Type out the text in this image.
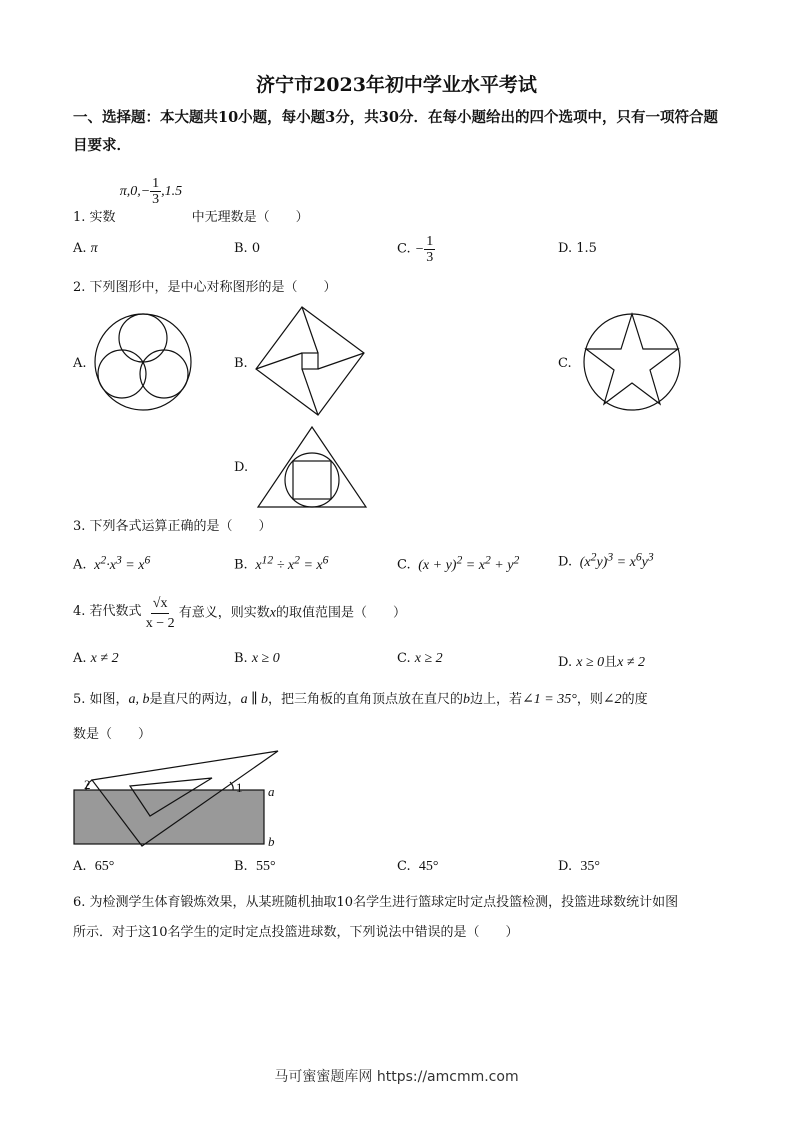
济宁市2023年初中学业水平考试
一、选择题：本大题共10小题，每小题3分，共30分．在每小题给出的四个选项中，只有一项符合题目要求．
1. 实数 $\pi,0,- \frac{1}{3} ,1.5$ 中无理数是（　　）
A. π	B. 0	C. − $\frac{1}{3}$	D. 1.5
2. 下列图形中，是中心对称图形的是（　　）
A.	B.	C.
D.
3. 下列各式运算正确的是（　　）
A.  $x^2\cdot x^3 = x^6$	B.  $x^{12} \div x^2 = x^6$	C.  $(x + y)^2 = x^2 + y^2$	D.  $(x^2y)^3 = x^6y^3$
4. 若代数式 $\frac{√x}{x - 2}$ 有意义，则实数x的取值范围是（　　）
A. x ≠ 2	B. x ≥ 0	C. x ≥ 2	D. x ≥ 0且x ≠ 2
5. 如图，a, b是直尺的两边，a ∥ b，把三角板的直角顶点放在直尺的b边上，若∠1 = 35°，则∠2的度
数是（　　）
2	1 a
b
A. 65°	B. 55°	C. 45°	D. 35°
6. 为检测学生体育锻炼效果，从某班随机抽取10名学生进行篮球定时定点投篮检测，投篮进球数统计如图
所示．对于这10名学生的定时定点投篮进球数，下列说法中错误的是（　　）
马可蜜蜜题库网 https://amcmm.com
